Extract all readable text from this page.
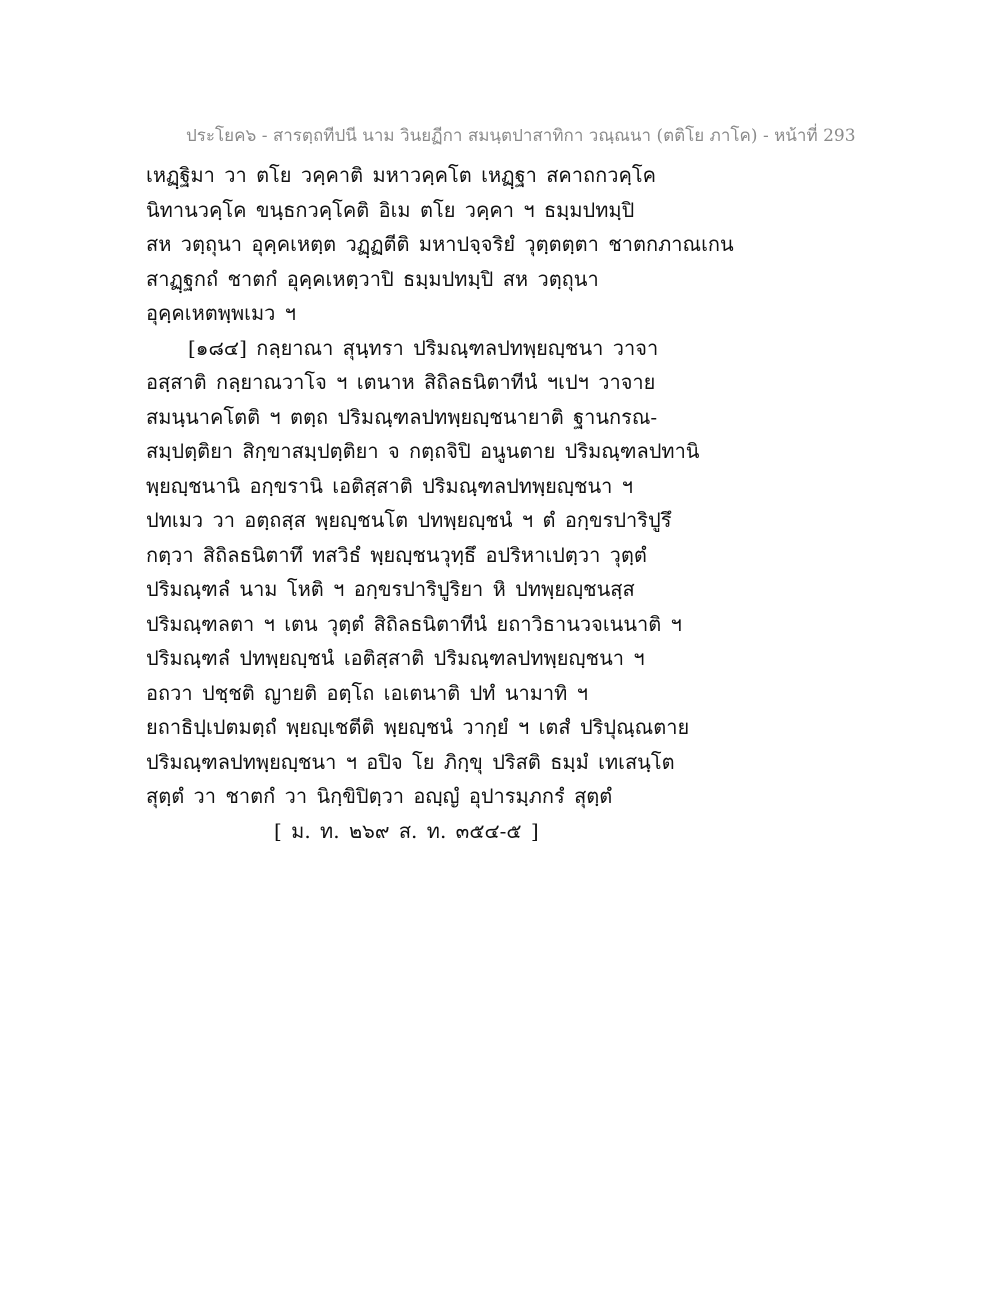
ประโยค๖ - สารตฺถทีปนี นาม วินยฏีกา สมนฺตปาสาทิกา วณฺณนา (ตติโย ภาโค) - หน้าที่ 293
เหฏฺฐิมา วา ตโย วคฺคาติ มหาวคฺคโต เหฏฺฐา สคาถกวคฺโค
นิทานวคฺโค ขนฺธกวคฺโคติ อิเม ตโย วคฺคา ฯ ธมฺมปทมฺปิ
สห วตฺถุนา อุคฺคเหตฺต วฏฺฏตีติ มหาปจฺจริยํ วุตฺตตฺตา ชาตกภาณเกน
สาฏฺฐกถํ ชาตกํ อุคฺคเหตฺวาปิ ธมฺมปทมฺปิ สห วตฺถุนา
อุคฺคเหตพฺพเมว ฯ
[๑๘๔] กลฺยาณา สุนฺทรา ปริมณฺฑลปทพฺยญฺชนา วาจา
อสฺสาติ กลฺยาณวาโจ ฯ เตนาห สิถิลธนิตาทีนํ ฯเปฯ วาจาย
สมนฺนาคโตติ ฯ ตตฺถ ปริมณฺฑลปทพฺยญฺชนายาติ ฐานกรณ-
สมฺปตฺติยา สิกฺขาสมฺปตฺติยา จ กตฺถจิปิ อนูนตาย ปริมณฺฑลปทานิ
พฺยญฺชนานิ อกฺขรานิ เอติสฺสาติ ปริมณฺฑลปทพฺยญฺชนา ฯ
ปทเมว วา อตฺถสฺส พฺยญฺชนโต ปทพฺยญฺชนํ ฯ ตํ อกฺขรปาริปูรึ
กตฺวา สิถิลธนิตาทึ ทสวิธํ พฺยญฺชนวุทฺธึ อปริหาเปตฺวา วุตฺตํ
ปริมณฺฑลํ นาม โหติ ฯ อกฺขรปาริปูริยา หิ ปทพฺยญฺชนสฺส
ปริมณฺฑลตา ฯ เตน วุตฺตํ สิถิลธนิตาทีนํ ยถาวิธานวจเนนาติ ฯ
ปริมณฺฑลํ ปทพฺยญฺชนํ เอติสฺสาติ ปริมณฺฑลปทพฺยญฺชนา ฯ
อถวา ปชฺชติ ญายติ อตฺโถ เอเตนาติ ปทํ นามาทิ ฯ
ยถาธิปฺเปตมตฺถํ พฺยญฺเชตีติ พฺยญฺชนํ วากฺยํ ฯ เตสํ ปริปุณฺณตาย
ปริมณฺฑลปทพฺยญฺชนา ฯ อปิจ โย ภิกฺขุ ปริสติ ธมฺมํ เทเสนฺโต
สุตฺตํ วา ชาตกํ วา นิกฺขิปิตฺวา อญฺญํ อุปารมฺภกรํ สุตฺตํ
[ ม. ท. ๒๖๙ ส. ท. ๓๕๔-๕ ]
